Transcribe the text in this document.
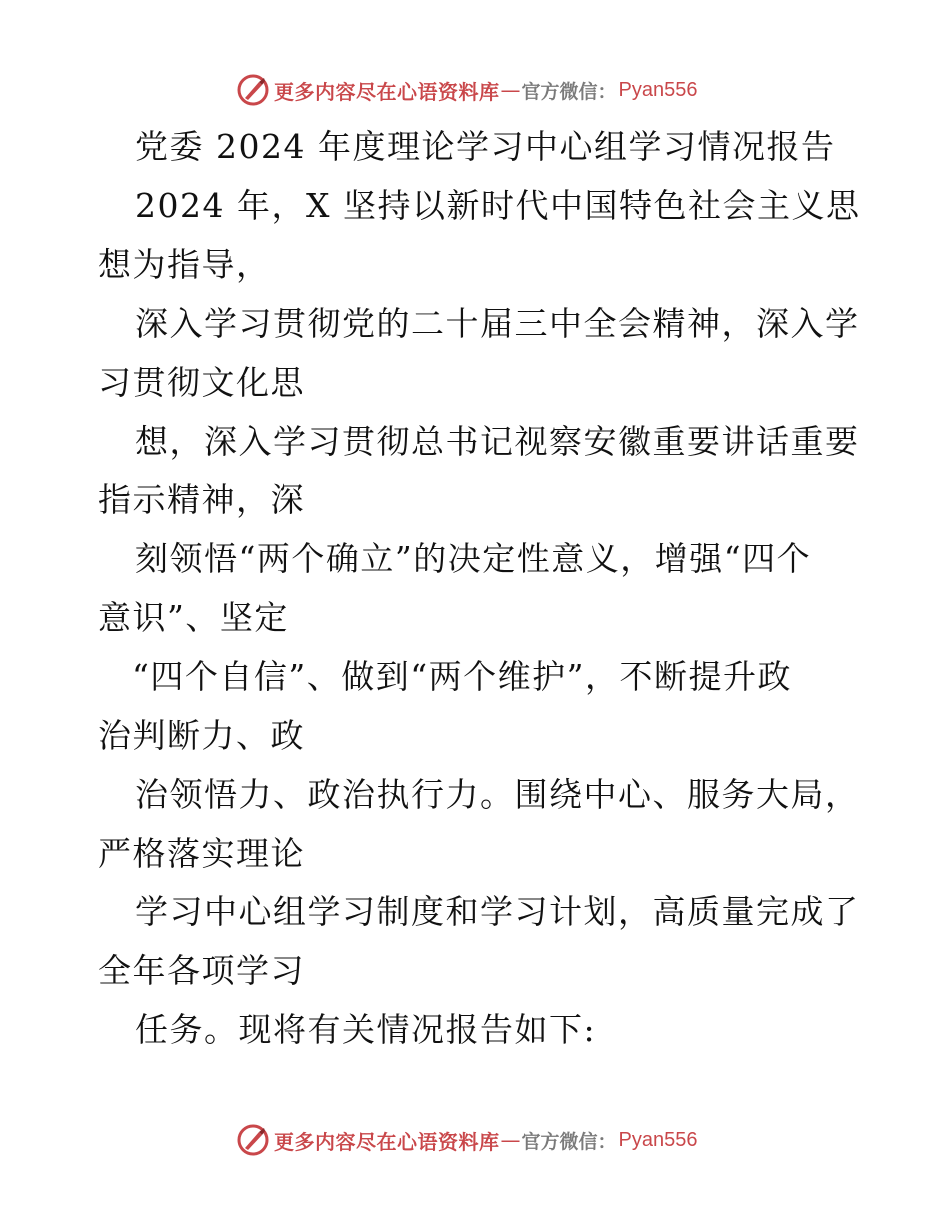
更多内容尽在心语资料库 — 官方微信： Pyan556
党委 2024 年度理论学习中心组学习情况报告
2024 年，X 坚持以新时代中国特色社会主义思
想为指导，
深入学习贯彻党的二十届三中全会精神，深入学
习贯彻文化思
想，深入学习贯彻总书记视察安徽重要讲话重要
指示精神，深
刻领悟“两个确立”的决定性意义，增强“四个
意识”、坚定
“四个自信”、做到“两个维护”，不断提升政
治判断力、政
治领悟力、政治执行力。围绕中心、服务大局，
严格落实理论
学习中心组学习制度和学习计划，高质量完成了
全年各项学习
任务。现将有关情况报告如下:
更多内容尽在心语资料库 — 官方微信： Pyan556
